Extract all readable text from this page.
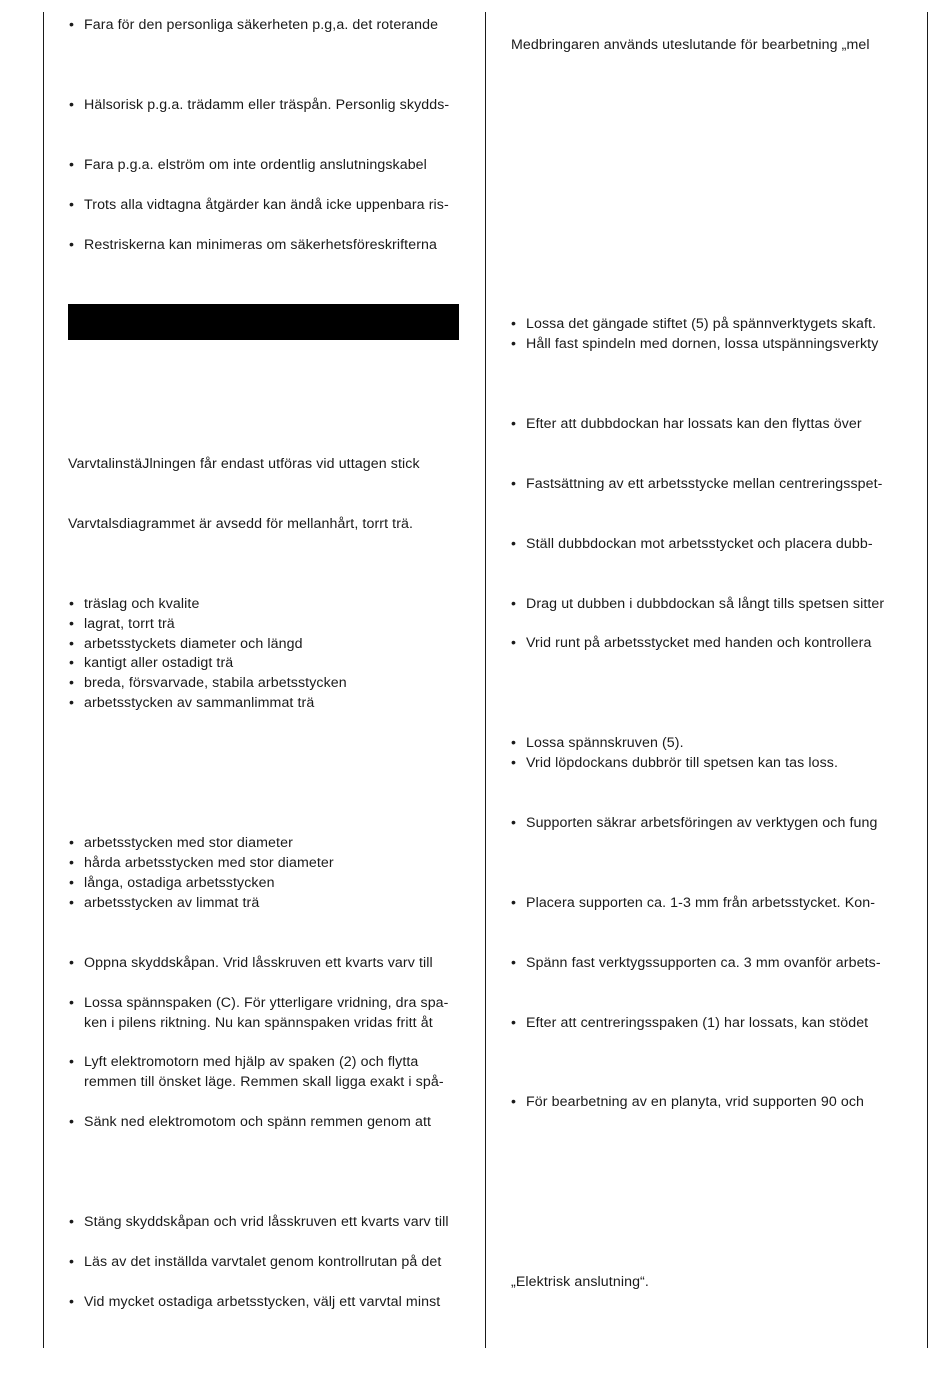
• Fara för den personliga säkerheten p.g,a. det roterande
• Hälsorisk p.g.a. trädamm eller träspån. Personlig skydds-
• Fara p.g.a. elström om inte ordentlig anslutningskabel
• Trots alla vidtagna åtgärder kan ändå icke uppenbara ris-
• Restriskerna kan minimeras om säkerhetsföreskrifterna
VarvtalinstäJlningen får endast utföras vid uttagen stick
Varvtalsdiagrammet är avsedd för mellanhårt, torrt trä.
• träslag och kvalite
• lagrat, torrt trä
• arbetsstyckets diameter och längd
• kantigt aller ostadigt trä
• breda, försvarvade, stabila arbetsstycken
• arbetsstycken av sammanlimmat trä
• arbetsstycken med stor diameter
• hårda arbetsstycken med stor diameter
• långa, ostadiga arbetsstycken
• arbetsstycken av limmat trä
• Oppna skyddskåpan. Vrid låsskruven ett kvarts varv till
• Lossa spännspaken (C). För ytterligare vridning, dra spa-
ken i pilens riktning. Nu kan spännspaken vridas fritt åt
• Lyft elektromotorn med hjälp av spaken (2) och flytta
remmen till önsket läge. Remmen skall ligga exakt i spå-
• Sänk ned elektromotom och spänn remmen genom att
• Stäng skyddskåpan och vrid låsskruven ett kvarts varv till
• Läs av det inställda varvtalet genom kontrollrutan på det
• Vid mycket ostadiga arbetsstycken, välj ett varvtal minst
Medbringaren används uteslutande för bearbetning „mel
• Lossa det gängade stiftet (5) på spännverktygets skaft.
• Håll fast spindeln med dornen, lossa utspänningsverkty
• Efter att dubbdockan har lossats kan den flyttas över
• Fastsättning av ett arbetsstycke mellan centreringsspet-
• Ställ dubbdockan mot arbetsstycket och placera dubb-
• Drag ut dubben i dubbdockan så långt tills spetsen sitter
• Vrid runt på arbetsstycket med handen och kontrollera
• Lossa spännskruven (5).
• Vrid löpdockans dubbrör till spetsen kan tas loss.
• Supporten säkrar arbetsföringen av verktygen och fung
• Placera supporten ca. 1-3 mm från arbetsstycket. Kon-
• Spänn fast verktygssupporten ca. 3 mm ovanför arbets-
• Efter att centreringsspaken (1) har lossats, kan stödet
• För bearbetning av en planyta, vrid supporten 90 och
„Elektrisk anslutning“.
